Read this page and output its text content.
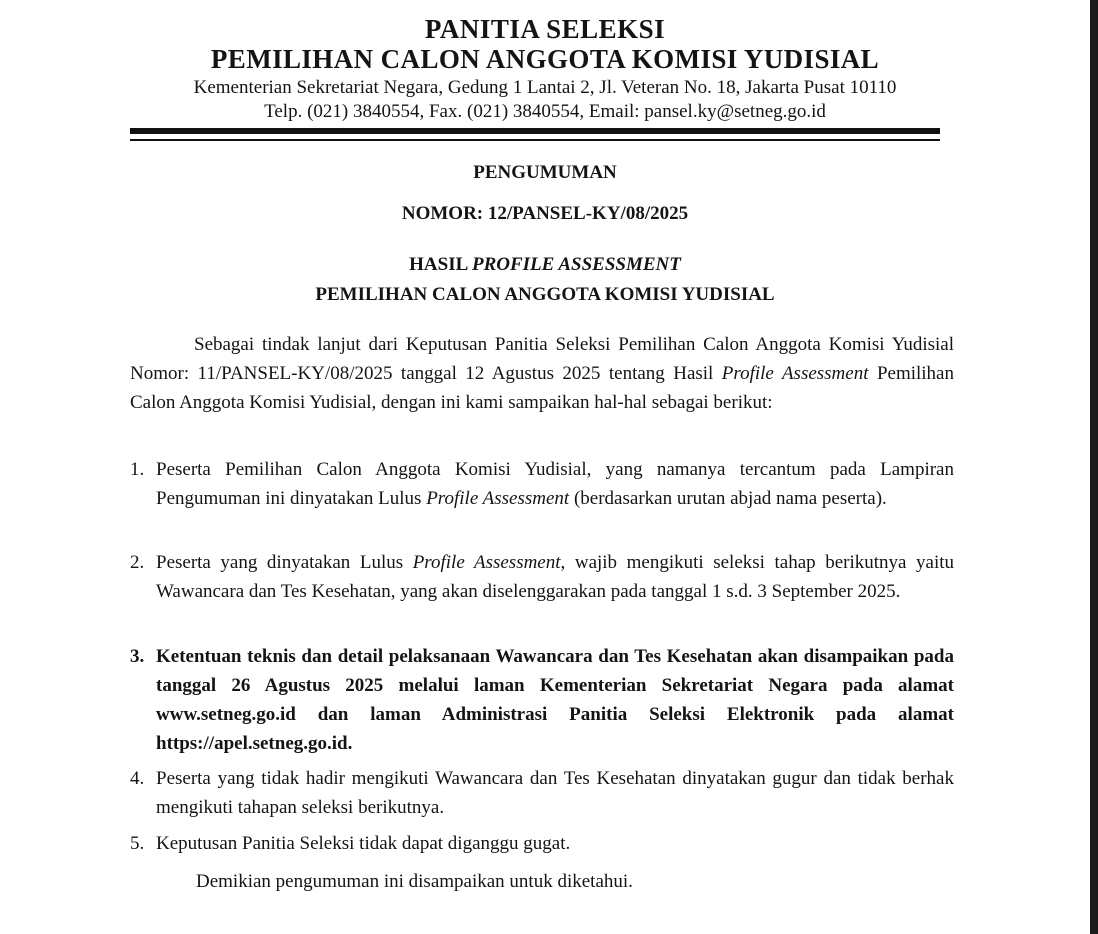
PANITIA SELEKSI
PEMILIHAN CALON ANGGOTA KOMISI YUDISIAL
Kementerian Sekretariat Negara, Gedung 1 Lantai 2, Jl. Veteran No. 18, Jakarta Pusat 10110
Telp. (021) 3840554, Fax. (021) 3840554, Email: pansel.ky@setneg.go.id
PENGUMUMAN
NOMOR: 12/PANSEL-KY/08/2025
HASIL PROFILE ASSESSMENT
PEMILIHAN CALON ANGGOTA KOMISI YUDISIAL
Sebagai tindak lanjut dari Keputusan Panitia Seleksi Pemilihan Calon Anggota Komisi Yudisial Nomor: 11/PANSEL-KY/08/2025 tanggal 12 Agustus 2025 tentang Hasil Profile Assessment Pemilihan Calon Anggota Komisi Yudisial, dengan ini kami sampaikan hal-hal sebagai berikut:
1. Peserta Pemilihan Calon Anggota Komisi Yudisial, yang namanya tercantum pada Lampiran Pengumuman ini dinyatakan Lulus Profile Assessment (berdasarkan urutan abjad nama peserta).
2. Peserta yang dinyatakan Lulus Profile Assessment, wajib mengikuti seleksi tahap berikutnya yaitu Wawancara dan Tes Kesehatan, yang akan diselenggarakan pada tanggal 1 s.d. 3 September 2025.
3. Ketentuan teknis dan detail pelaksanaan Wawancara dan Tes Kesehatan akan disampaikan pada tanggal 26 Agustus 2025 melalui laman Kementerian Sekretariat Negara pada alamat www.setneg.go.id dan laman Administrasi Panitia Seleksi Elektronik pada alamat https://apel.setneg.go.id.
4. Peserta yang tidak hadir mengikuti Wawancara dan Tes Kesehatan dinyatakan gugur dan tidak berhak mengikuti tahapan seleksi berikutnya.
5. Keputusan Panitia Seleksi tidak dapat diganggu gugat.
Demikian pengumuman ini disampaikan untuk diketahui.
